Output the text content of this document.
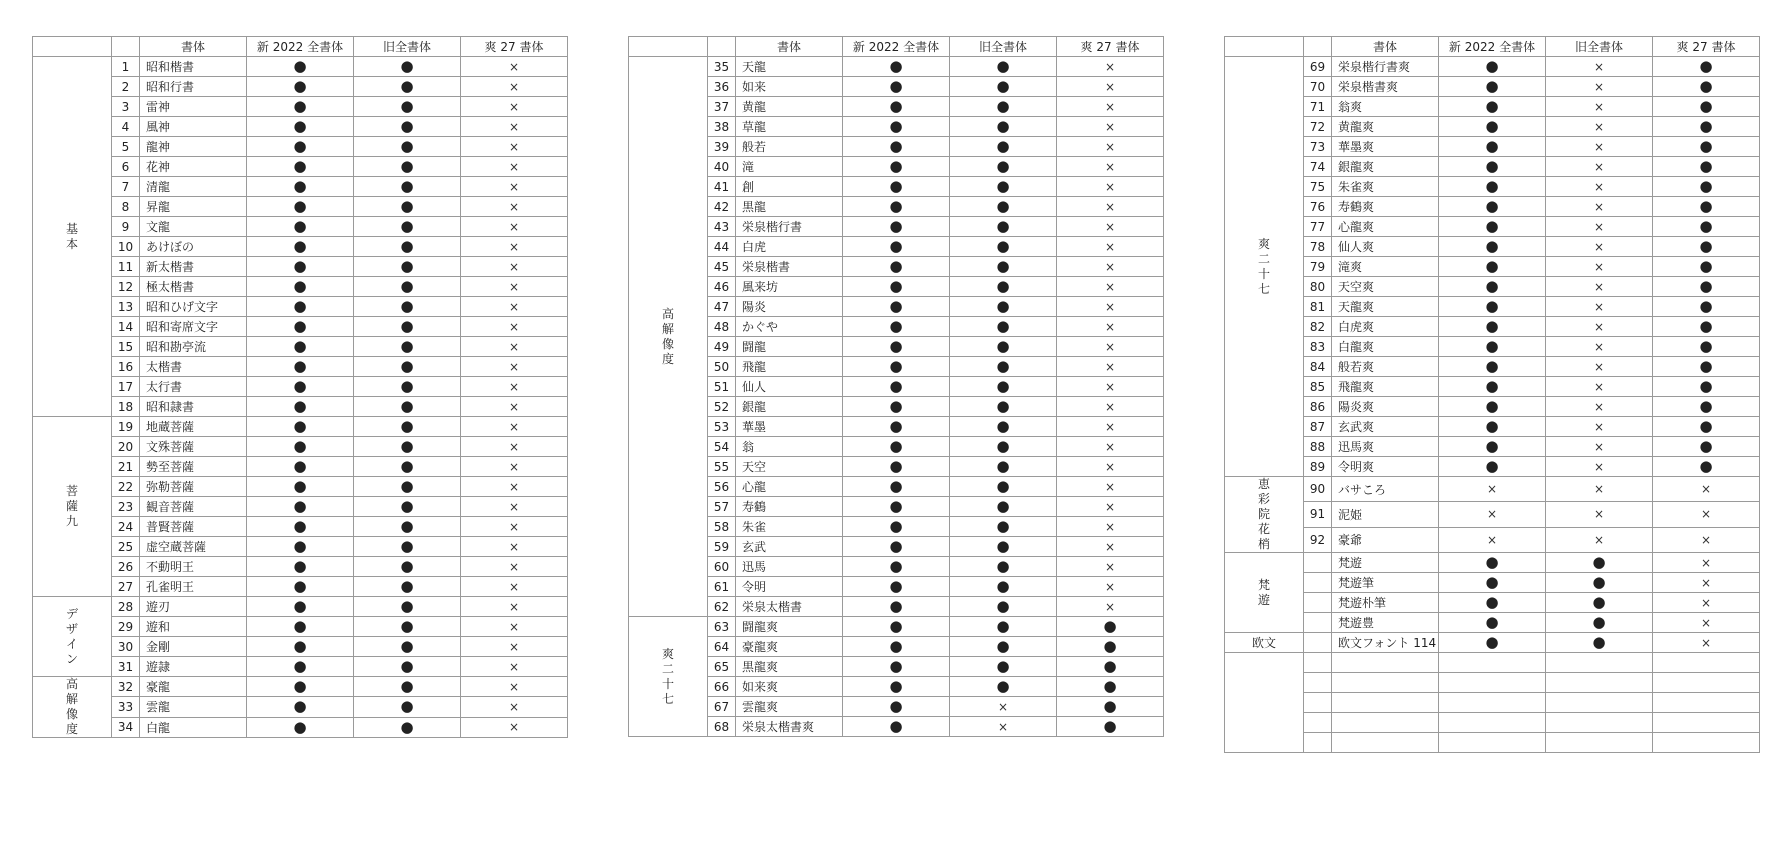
		書体	新 2022 全書体	旧全書体	爽 27 書体
基本	1	昭和楷書	●	●	×
	2	昭和行書	●	●	×
	3	雷神	●	●	×
	4	風神	●	●	×
	5	龍神	●	●	×
	6	花神	●	●	×
	7	清龍	●	●	×
	8	昇龍	●	●	×
	9	文龍	●	●	×
	10	あけぼの	●	●	×
	11	新太楷書	●	●	×
	12	極太楷書	●	●	×
	13	昭和ひげ文字	●	●	×
	14	昭和寄席文字	●	●	×
	15	昭和勘亭流	●	●	×
	16	太楷書	●	●	×
	17	太行書	●	●	×
	18	昭和隷書	●	●	×
菩薩九	19	地蔵菩薩	●	●	×
	20	文殊菩薩	●	●	×
	21	勢至菩薩	●	●	×
	22	弥勒菩薩	●	●	×
	23	観音菩薩	●	●	×
	24	普賢菩薩	●	●	×
	25	虚空蔵菩薩	●	●	×
	26	不動明王	●	●	×
	27	孔雀明王	●	●	×
デザイン	28	遊刃	●	●	×
	29	遊和	●	●	×
	30	金剛	●	●	×
	31	遊隷	●	●	×
高解像度	32	豪龍	●	●	×
	33	雲龍	●	●	×
	34	白龍	●	●	×
		書体	新 2022 全書体	旧全書体	爽 27 書体
高解像度	35	天龍	●	●	×
	36	如来	●	●	×
	37	黄龍	●	●	×
	38	草龍	●	●	×
	39	般若	●	●	×
	40	滝	●	●	×
	41	創	●	●	×
	42	黒龍	●	●	×
	43	栄泉楷行書	●	●	×
	44	白虎	●	●	×
	45	栄泉楷書	●	●	×
	46	風来坊	●	●	×
	47	陽炎	●	●	×
	48	かぐや	●	●	×
	49	闘龍	●	●	×
	50	飛龍	●	●	×
	51	仙人	●	●	×
	52	銀龍	●	●	×
	53	華墨	●	●	×
	54	翁	●	●	×
	55	天空	●	●	×
	56	心龍	●	●	×
	57	寿鶴	●	●	×
	58	朱雀	●	●	×
	59	玄武	●	●	×
	60	迅馬	●	●	×
	61	令明	●	●	×
	62	栄泉太楷書	●	●	×
爽二十七	63	闘龍爽	●	●	●
	64	豪龍爽	●	●	●
	65	黒龍爽	●	●	●
	66	如来爽	●	●	●
	67	雲龍爽	●	×	●
	68	栄泉太楷書爽	●	×	●
		書体	新 2022 全書体	旧全書体	爽 27 書体
爽二十七	69	栄泉楷行書爽	●	×	●
	70	栄泉楷書爽	●	×	●
	71	翁爽	●	×	●
	72	黄龍爽	●	×	●
	73	華墨爽	●	×	●
	74	銀龍爽	●	×	●
	75	朱雀爽	●	×	●
	76	寿鶴爽	●	×	●
	77	心龍爽	●	×	●
	78	仙人爽	●	×	●
	79	滝爽	●	×	●
	80	天空爽	●	×	●
	81	天龍爽	●	×	●
	82	白虎爽	●	×	●
	83	白龍爽	●	×	●
	84	般若爽	●	×	●
	85	飛龍爽	●	×	●
	86	陽炎爽	●	×	●
	87	玄武爽	●	×	●
	88	迅馬爽	●	×	●
	89	令明爽	●	×	●
恵彩院花梢	90	バサころ	×	×	×
	91	泥姫	×	×	×
	92	豪爺	×	×	×
梵遊		梵遊	●	●	×
		梵遊筆	●	●	×
		梵遊朴筆	●	●	×
		梵遊豊	●	●	×
欧文		欧文フォント 114	●	●	×
